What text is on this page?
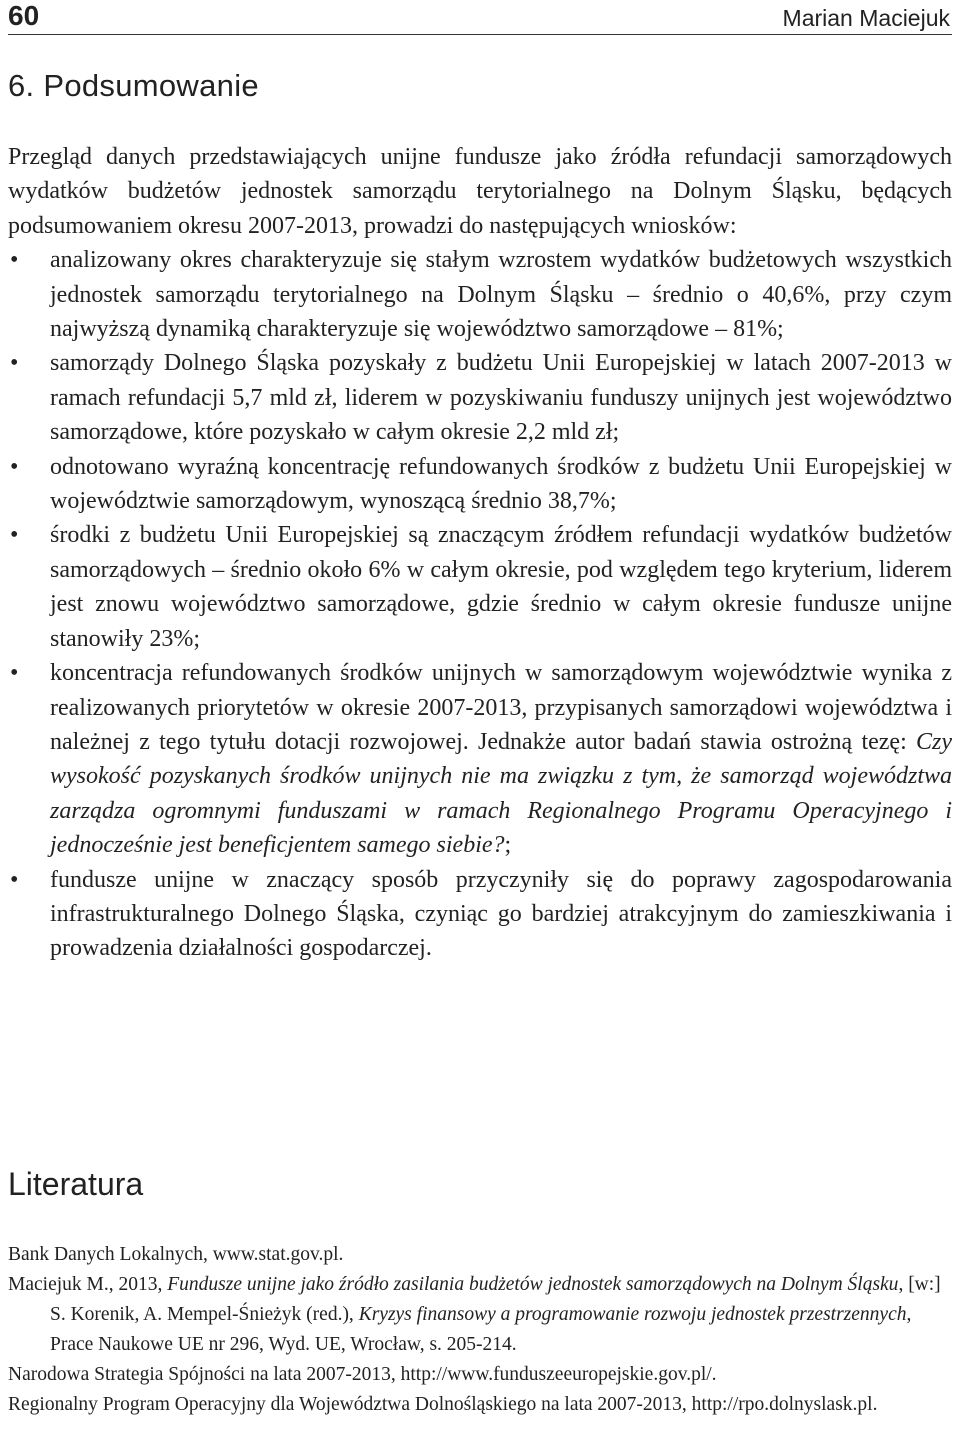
60	Marian Maciejuk
6. Podsumowanie

Przegląd danych przedstawiających unijne fundusze jako źródła refundacji samorządowych wydatków budżetów jednostek samorządu terytorialnego na Dolnym Śląsku, będących podsumowaniem okresu 2007-2013, prowadzi do następujących wniosków:

• analizowany okres charakteryzuje się stałym wzrostem wydatków budżetowych wszystkich jednostek samorządu terytorialnego na Dolnym Śląsku – średnio o 40,6%, przy czym najwyższą dynamiką charakteryzuje się województwo samorządowe – 81%;
• samorządy Dolnego Śląska pozyskały z budżetu Unii Europejskiej w latach 2007-2013 w ramach refundacji 5,7 mld zł, liderem w pozyskiwaniu funduszy unijnych jest województwo samorządowe, które pozyskało w całym okresie 2,2 mld zł;
• odnotowano wyraźną koncentrację refundowanych środków z budżetu Unii Europejskiej w województwie samorządowym, wynoszącą średnio 38,7%;
• środki z budżetu Unii Europejskiej są znaczącym źródłem refundacji wydatków budżetów samorządowych – średnio około 6% w całym okresie, pod względem tego kryterium, liderem jest znowu województwo samorządowe, gdzie średnio w całym okresie fundusze unijne stanowiły 23%;
• koncentracja refundowanych środków unijnych w samorządowym województwie wynika z realizowanych priorytetów w okresie 2007-2013, przypisanych samorządowi województwa i należnej z tego tytułu dotacji rozwojowej. Jednakże autor badań stawia ostrożną tezę: Czy wysokość pozyskanych środków unijnych nie ma związku z tym, że samorząd województwa zarządza ogromnymi funduszami w ramach Regionalnego Programu Operacyjnego i jednocześnie jest beneficjentem samego siebie?;
• fundusze unijne w znaczący sposób przyczyniły się do poprawy zagospodarowania infrastrukturalnego Dolnego Śląska, czyniąc go bardziej atrakcyjnym do zamieszkiwania i prowadzenia działalności gospodarczej.
Literatura
Bank Danych Lokalnych, www.stat.gov.pl.
Maciejuk M., 2013, Fundusze unijne jako źródło zasilania budżetów jednostek samorządowych na Dolnym Śląsku, [w:] S. Korenik, A. Mempel-Śnieżyk (red.), Kryzys finansowy a programowanie rozwoju jednostek przestrzennych, Prace Naukowe UE nr 296, Wyd. UE, Wrocław, s. 205-214.
Narodowa Strategia Spójności na lata 2007-2013, http://www.funduszeeuropejskie.gov.pl/.
Regionalny Program Operacyjny dla Województwa Dolnośląskiego na lata 2007-2013, http://rpo.dolnyslask.pl.
